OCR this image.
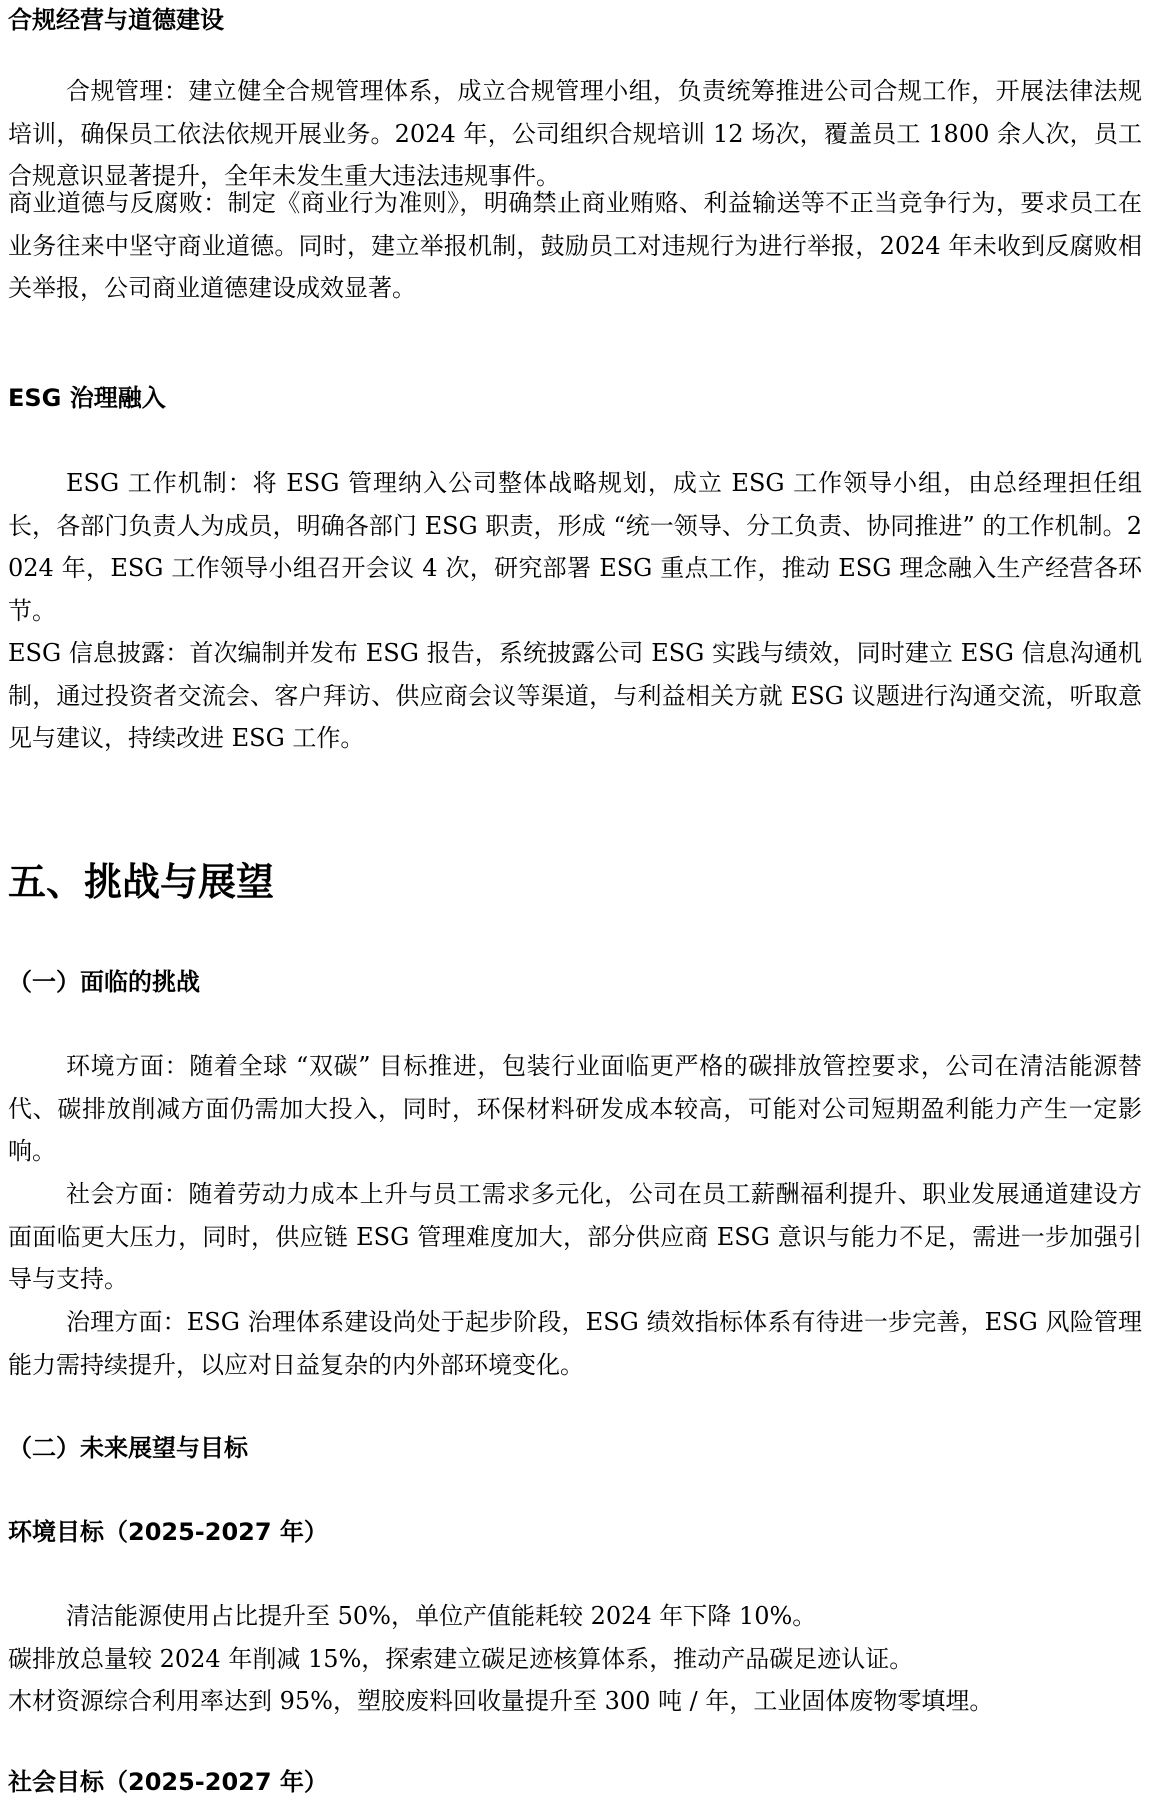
合规经营与道德建设

合规管理：建立健全合规管理体系，成立合规管理小组，负责统筹推进公司合规工作，开展法律法规培训，确保员工依法依规开展业务。2024 年，公司组织合规培训 12 场次，覆盖员工 1800 余人次，员工合规意识显著提升，全年未发生重大违法违规事件。

商业道德与反腐败：制定《商业行为准则》，明确禁止商业贿赂、利益输送等不正当竞争行为，要求员工在业务往来中坚守商业道德。同时，建立举报机制，鼓励员工对违规行为进行举报，2024 年未收到反腐败相关举报，公司商业道德建设成效显著。

ESG 治理融入

ESG 工作机制：将 ESG 管理纳入公司整体战略规划，成立 ESG 工作领导小组，由总经理担任组长，各部门负责人为成员，明确各部门 ESG 职责，形成 “统一领导、分工负责、协同推进” 的工作机制。2024 年，ESG 工作领导小组召开会议 4 次，研究部署 ESG 重点工作，推动 ESG 理念融入生产经营各环节。

ESG 信息披露：首次编制并发布 ESG 报告，系统披露公司 ESG 实践与绩效，同时建立 ESG 信息沟通机制，通过投资者交流会、客户拜访、供应商会议等渠道，与利益相关方就 ESG 议题进行沟通交流，听取意见与建议，持续改进 ESG 工作。

五、挑战与展望
（一）面临的挑战

环境方面：随着全球 “双碳” 目标推进，包装行业面临更严格的碳排放管控要求，公司在清洁能源替代、碳排放削减方面仍需加大投入，同时，环保材料研发成本较高，可能对公司短期盈利能力产生一定影响。

社会方面：随着劳动力成本上升与员工需求多元化，公司在员工薪酬福利提升、职业发展通道建设方面面临更大压力，同时，供应链 ESG 管理难度加大，部分供应商 ESG 意识与能力不足，需进一步加强引导与支持。

治理方面：ESG 治理体系建设尚处于起步阶段，ESG 绩效指标体系有待进一步完善，ESG 风险管理能力需持续提升，以应对日益复杂的内外部环境变化。

（二）未来展望与目标
环境目标（2025-2027 年）

清洁能源使用占比提升至 50%，单位产值能耗较 2024 年下降 10%。

碳排放总量较 2024 年削减 15%，探索建立碳足迹核算体系，推动产品碳足迹认证。

木材资源综合利用率达到 95%，塑胶废料回收量提升至 300 吨 / 年，工业固体废物零填埋。

社会目标（2025-2027 年）
